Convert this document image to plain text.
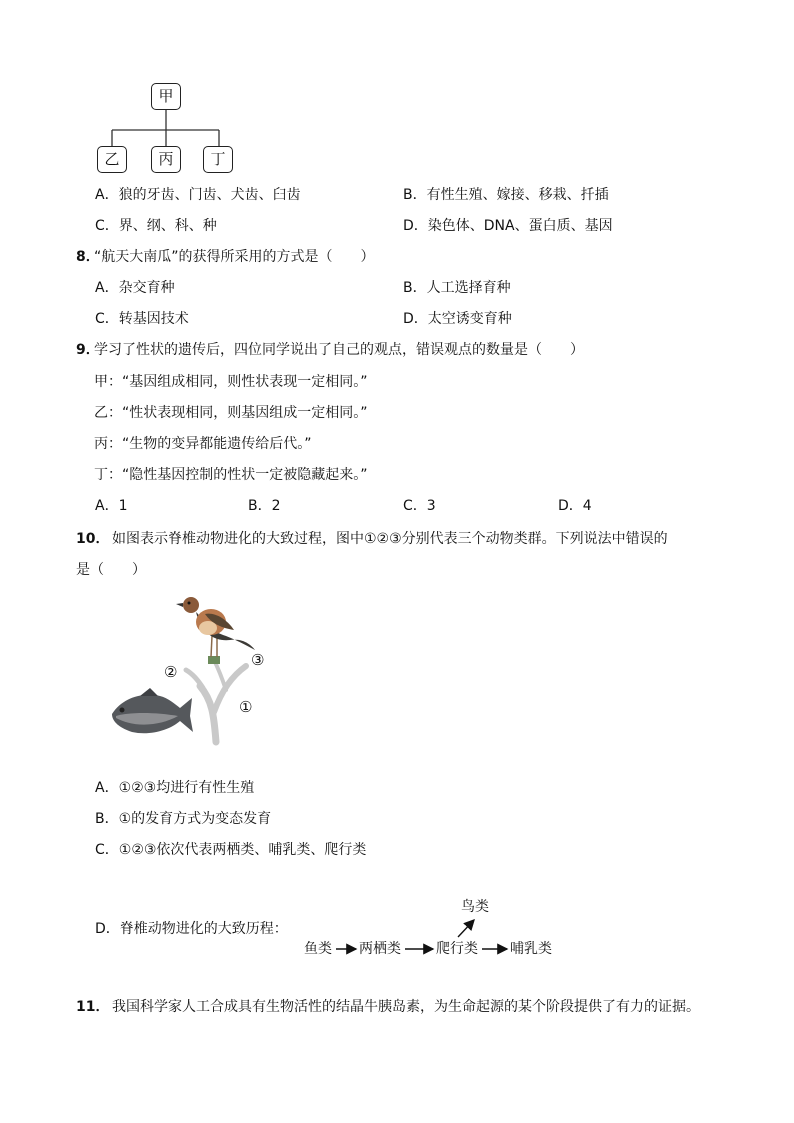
甲
乙	丙	丁
A．狼的牙齿、门齿、犬齿、臼齿	B．有性生殖、嫁接、移栽、扦插
C．界、纲、科、种	D．染色体、DNA、蛋白质、基因
8．
“航天大南瓜”的获得所采用的方式是（　　）
A．杂交育种	B．人工选择育种
C．转基因技术	D．太空诱变育种
9．
学习了性状的遗传后，四位同学说出了自己的观点，错误观点的数量是（　　）
甲：“基因组成相同，则性状表现一定相同。”
乙：“性状表现相同，则基因组成一定相同。”
丙：“生物的变异都能遗传给后代。”
丁：“隐性基因控制的性状一定被隐藏起来。”
A．1	B．2	C．3	D．4
10． 如图表示脊椎动物进化的大致过程，图中①②③分别代表三个动物类群。下列说法中错误的
是（　　）
②
③
①
A．①②③均进行有性生殖
B．①的发育方式为变态发育
C．①②③依次代表两栖类、哺乳类、爬行类
D．脊椎动物进化的大致历程：
鸟类
鱼类 两栖类	爬行类 哺乳类
11． 我国科学家人工合成具有生物活性的结晶牛胰岛素，为生命起源的某个阶段提供了有力的证据。
